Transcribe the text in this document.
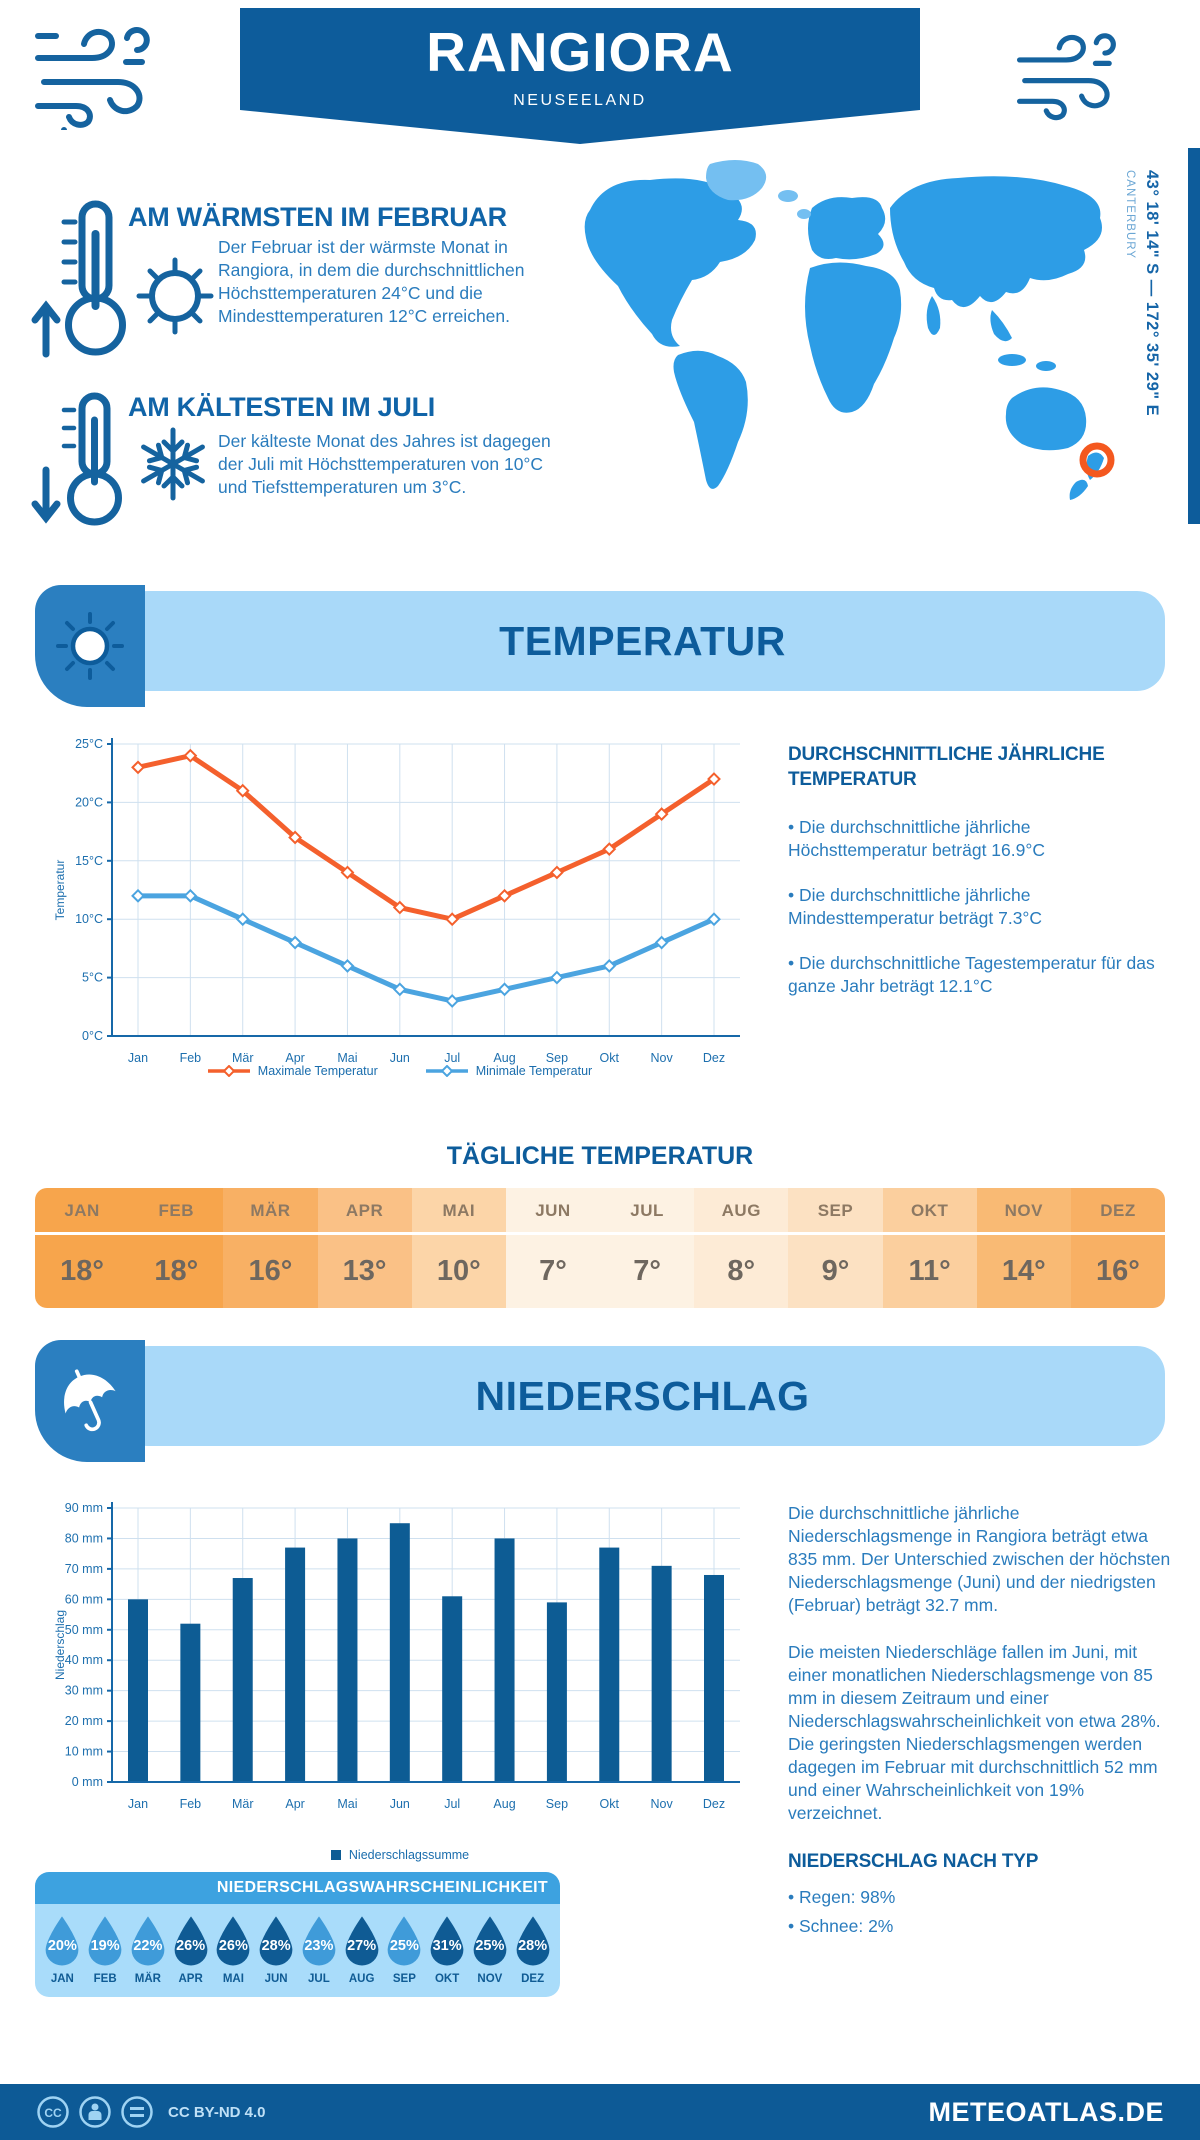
RANGIORA
NEUSEELAND
AM WÄRMSTEN IM FEBRUAR
Der Februar ist der wärmste Monat in Rangiora, in dem die durchschnittlichen Höchsttemperaturen 24°C und die Mindesttemperaturen 12°C erreichen.
AM KÄLTESTEN IM JULI
Der kälteste Monat des Jahres ist dagegen der Juli mit Höchsttemperaturen von 10°C und Tiefsttemperaturen um 3°C.
43° 18' 14" S — 172° 35' 29" E
CANTERBURY
TEMPERATUR
0°C
5°C
10°C
15°C
20°C
25°C
Jan	Feb Mär	Apr	Mai	Jun	Jul	Aug Sep	Okt	Nov Dez
Temperatur
Maximale Temperatur	Minimale Temperatur
DURCHSCHNITTLICHE JÄHRLICHE TEMPERATUR
• Die durchschnittliche jährliche Höchsttemperatur beträgt 16.9°C
• Die durchschnittliche jährliche Mindesttemperatur beträgt 7.3°C
• Die durchschnittliche Tagestemperatur für das ganze Jahr beträgt 12.1°C
TÄGLICHE TEMPERATUR
JAN
18°
FEB
18°
MÄR
16°
APR
13°
MAI
10°
JUN
7°
JUL
7°
AUG
8°
SEP
9°
OKT
11°
NOV
14°
DEZ
16°
NIEDERSCHLAG
0 mm
10 mm
20 mm
30 mm
40 mm
50 mm
60 mm
70 mm
80 mm
90 mm
Jan	Feb Mär	Apr	Mai	Jun	Jul	Aug Sep	Okt	Nov Dez
Niederschlag
Niederschlagssumme

Die durchschnittliche jährliche Niederschlagsmenge in Rangiora beträgt etwa 835 mm. Der Unterschied zwischen der höchsten Niederschlagsmenge (Juni) und der niedrigsten (Februar) beträgt 32.7 mm.

Die meisten Niederschläge fallen im Juni, mit einer monatlichen Niederschlagsmenge von 85 mm in diesem Zeitraum und einer Niederschlagswahrscheinlichkeit von etwa 28%. Die geringsten Niederschlagsmengen werden dagegen im Februar mit durchschnittlich 52 mm und einer Wahrscheinlichkeit von 19% verzeichnet.

NIEDERSCHLAG NACH TYP
• Regen: 98%
• Schnee: 2%
NIEDERSCHLAGSWAHRSCHEINLICHKEIT
20%
JAN
19%
FEB
22%
MÄR
26%
APR
26%
MAI
28%
JUN
23%
JUL
27%
AUG
25%
SEP
31%
OKT
25%
NOV
28%
DEZ
CC	CC BY-ND 4.0	METEOATLAS.DE
